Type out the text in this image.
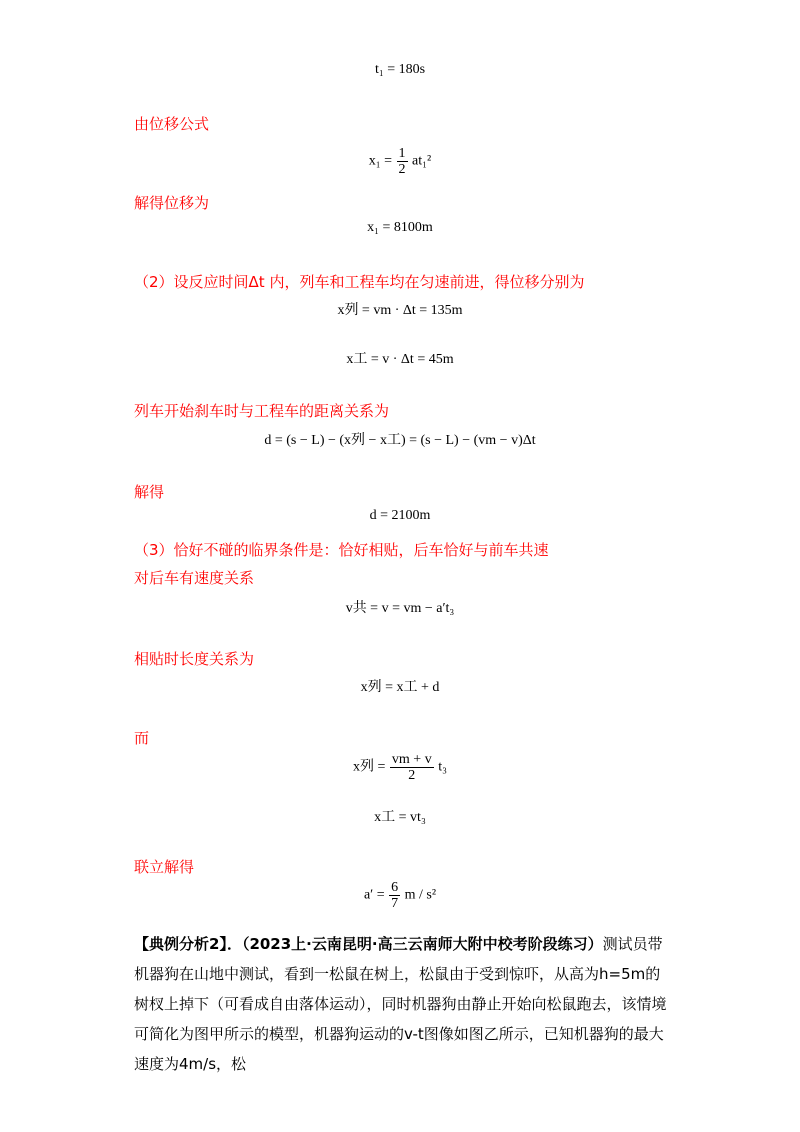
t₁ = 180s
由位移公式
$x_1 = \frac{1}{2} at_1^2$
解得位移为
x₁ = 8100m
（2）设反应时间Δt 内，列车和工程车均在匀速前进，得位移分别为
x列 = vm · Δt = 135m
x工 = v · Δt = 45m
列车开始刹车时与工程车的距离关系为
d = (s − L) − (x列 − x工) = (s − L) − (vm − v)Δt
解得
d = 2100m
（3）恰好不碰的临界条件是：恰好相贴，后车恰好与前车共速
对后车有速度关系
v共 = v = vm − a′t₃
相贴时长度关系为
x列 = x工 + d
而
x列 = $\frac{vm + v}{2} t_3$
x工 = vt₃
联立解得
$a' = \frac{6}{7}$ m / s²
【典例分析2】．（2023上·云南昆明·高三云南师大附中校考阶段练习）测试员带机器狗在山地中测试，看到一松鼠在树上，松鼠由于受到惊吓，从高为h=5m的树杈上掉下（可看成自由落体运动），同时机器狗由静止开始向松鼠跑去，该情境可简化为图甲所示的模型，机器狗运动的v-t图像如图乙所示，已知机器狗的最大速度为4m/s，松
